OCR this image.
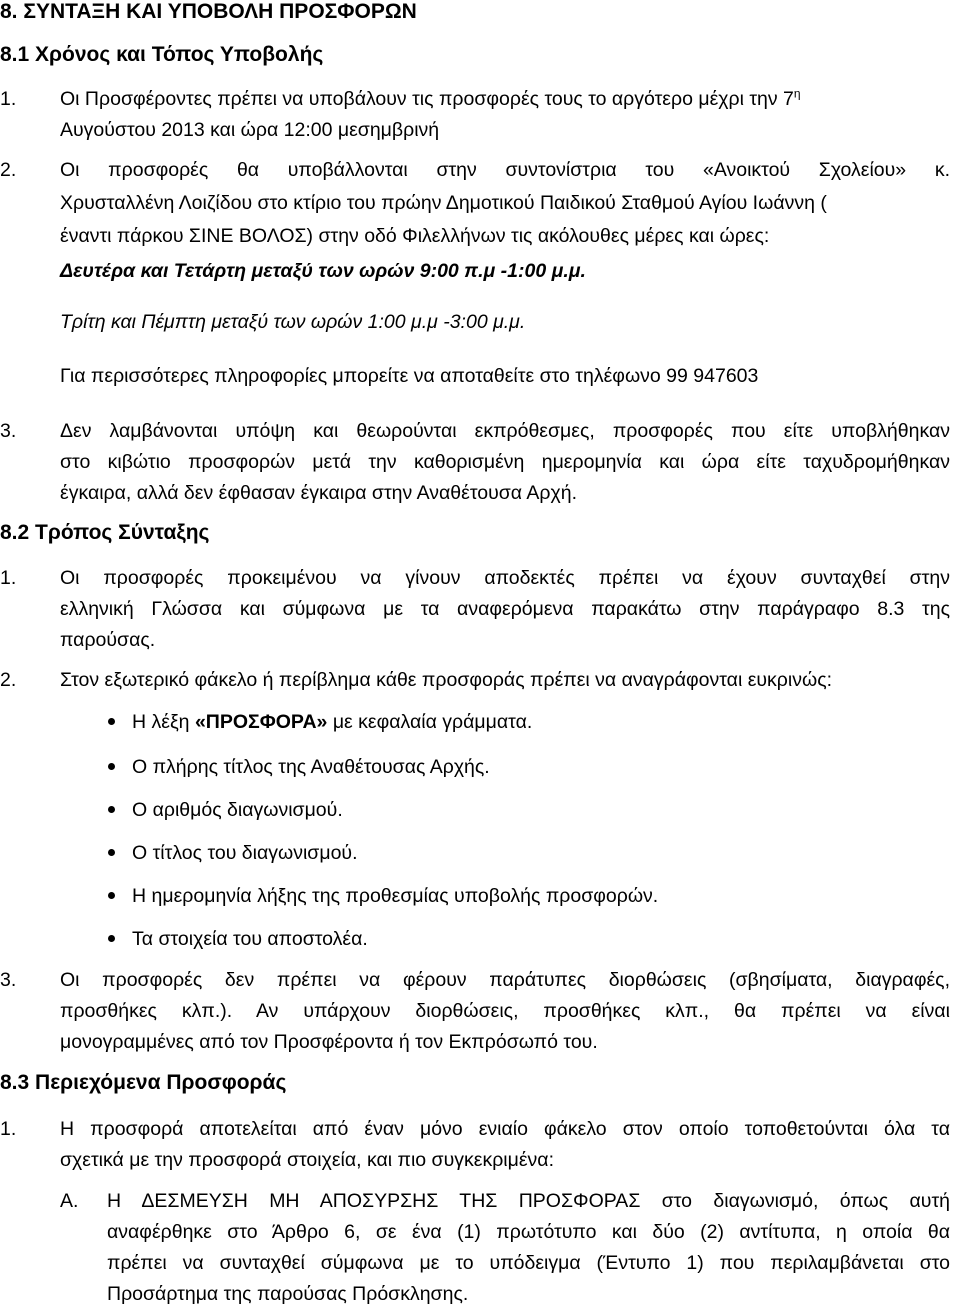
8. ΣΥΝΤΑΞΗ ΚΑΙ ΥΠΟΒΟΛΗ ΠΡΟΣΦΟΡΩΝ
8.1 Χρόνος και Τόπος Υποβολής
1. Οι Προσφέροντες πρέπει να υποβάλουν τις προσφορές τους το αργότερο μέχρι την $7^\eta$
Αυγούστου 2013 και ώρα 12:00 μεσημβρινή
2. Οι προσφορές θα υποβάλλονται στην συντονίστρια του «Ανοικτού Σχολείου» κ.
Χρυσταλλένη Λοιζίδου στο κτίριο του πρώην Δημοτικού Παιδικού Σταθμού Αγίου Ιωάννη (
έναντι πάρκου ΣΙΝΕ ΒΟΛΟΣ) στην οδό Φιλελλήνων τις ακόλουθες μέρες και ώρες:
Δευτέρα και Τετάρτη μεταξύ των ωρών 9:00 π.μ -1:00 μ.μ.
Τρίτη και Πέμπτη μεταξύ των ωρών 1:00 μ.μ -3:00 μ.μ.
Για περισσότερες πληροφορίες μπορείτε να αποταθείτε στο τηλέφωνο 99 947603
3. Δεν λαμβάνονται υπόψη και θεωρούνται εκπρόθεσμες, προσφορές που είτε υποβλήθηκαν
στο κιβώτιο προσφορών μετά την καθορισμένη ημερομηνία και ώρα είτε ταχυδρομήθηκαν
έγκαιρα, αλλά δεν έφθασαν έγκαιρα στην Αναθέτουσα Αρχή.
8.2 Τρόπος Σύνταξης
1. Οι προσφορές προκειμένου να γίνουν αποδεκτές πρέπει να έχουν συνταχθεί στην
ελληνική Γλώσσα και σύμφωνα με τα αναφερόμενα παρακάτω στην παράγραφο 8.3 της
παρούσας.
2. Στον εξωτερικό φάκελο ή περίβλημα κάθε προσφοράς πρέπει να αναγράφονται ευκρινώς:
Η λέξη «ΠΡΟΣΦΟΡΑ» με κεφαλαία γράμματα.
Ο πλήρης τίτλος της Αναθέτουσας Αρχής.
Ο αριθμός διαγωνισμού.
Ο τίτλος του διαγωνισμού.
Η ημερομηνία λήξης της προθεσμίας υποβολής προσφορών.
Τα στοιχεία του αποστολέα.
3. Οι προσφορές δεν πρέπει να φέρουν παράτυπες διορθώσεις (σβησίματα, διαγραφές,
προσθήκες κλπ.). Αν υπάρχουν διορθώσεις, προσθήκες κλπ., θα πρέπει να είναι
μονογραμμένες από τον Προσφέροντα ή τον Εκπρόσωπό του.
8.3 Περιεχόμενα Προσφοράς
1. Η προσφορά αποτελείται από έναν μόνο ενιαίο φάκελο στον οποίο τοποθετούνται όλα τα
σχετικά με την προσφορά στοιχεία, και πιο συγκεκριμένα:
Α. Η ΔΕΣΜΕΥΣΗ ΜΗ ΑΠΟΣΥΡΣΗΣ ΤΗΣ ΠΡΟΣΦΟΡΑΣ στο διαγωνισμό, όπως αυτή
αναφέρθηκε στο Άρθρο 6, σε ένα (1) πρωτότυπο και δύο (2) αντίτυπα, η οποία θα
πρέπει να συνταχθεί σύμφωνα με το υπόδειγμα (Έντυπο 1) που περιλαμβάνεται στο
Προσάρτημα της παρούσας Πρόσκλησης.
